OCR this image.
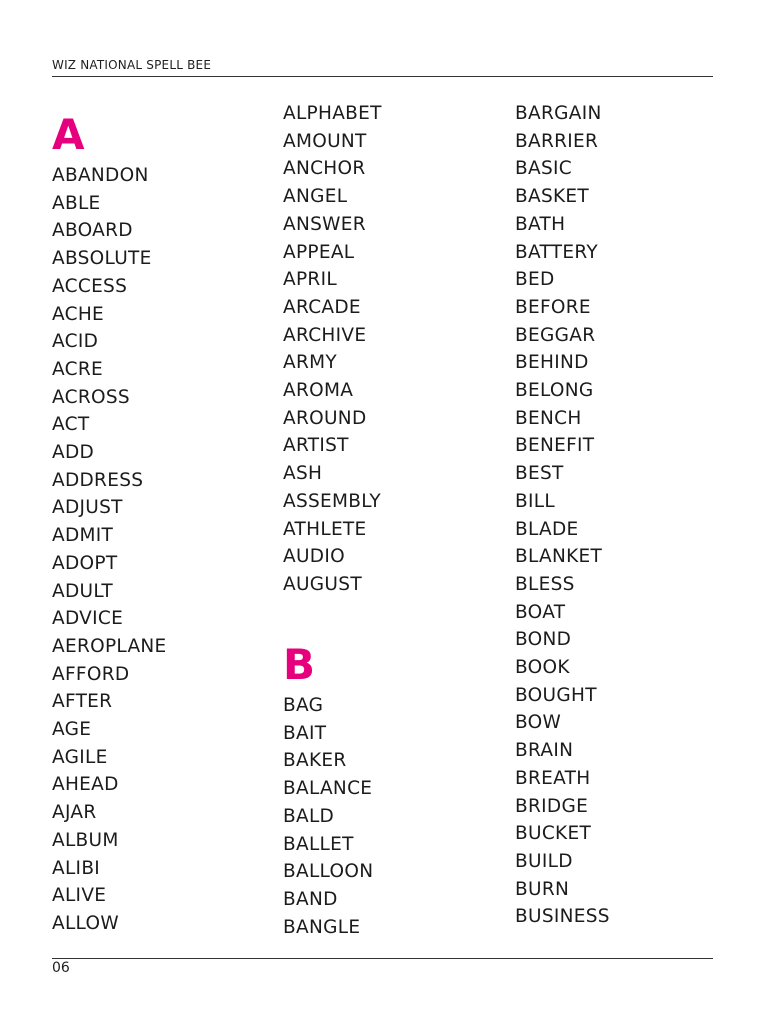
WIZ NATIONAL SPELL BEE
A
ABANDON
ABLE
ABOARD
ABSOLUTE
ACCESS
ACHE
ACID
ACRE
ACROSS
ACT
ADD
ADDRESS
ADJUST
ADMIT
ADOPT
ADULT
ADVICE
AEROPLANE
AFFORD
AFTER
AGE
AGILE
AHEAD
AJAR
ALBUM
ALIBI
ALIVE
ALLOW
B
ALPHABET
AMOUNT
ANCHOR
ANGEL
ANSWER
APPEAL
APRIL
ARCADE
ARCHIVE
ARMY
AROMA
AROUND
ARTIST
ASH
ASSEMBLY
ATHLETE
AUDIO
AUGUST
BAG
BAIT
BAKER
BALANCE
BALD
BALLET
BALLOON
BAND
BANGLE
BARGAIN
BARRIER
BASIC
BASKET
BATH
BATTERY
BED
BEFORE
BEGGAR
BEHIND
BELONG
BENCH
BENEFIT
BEST
BILL
BLADE
BLANKET
BLESS
BOAT
BOND
BOOK
BOUGHT
BOW
BRAIN
BREATH
BRIDGE
BUCKET
BUILD
BURN
BUSINESS
06
